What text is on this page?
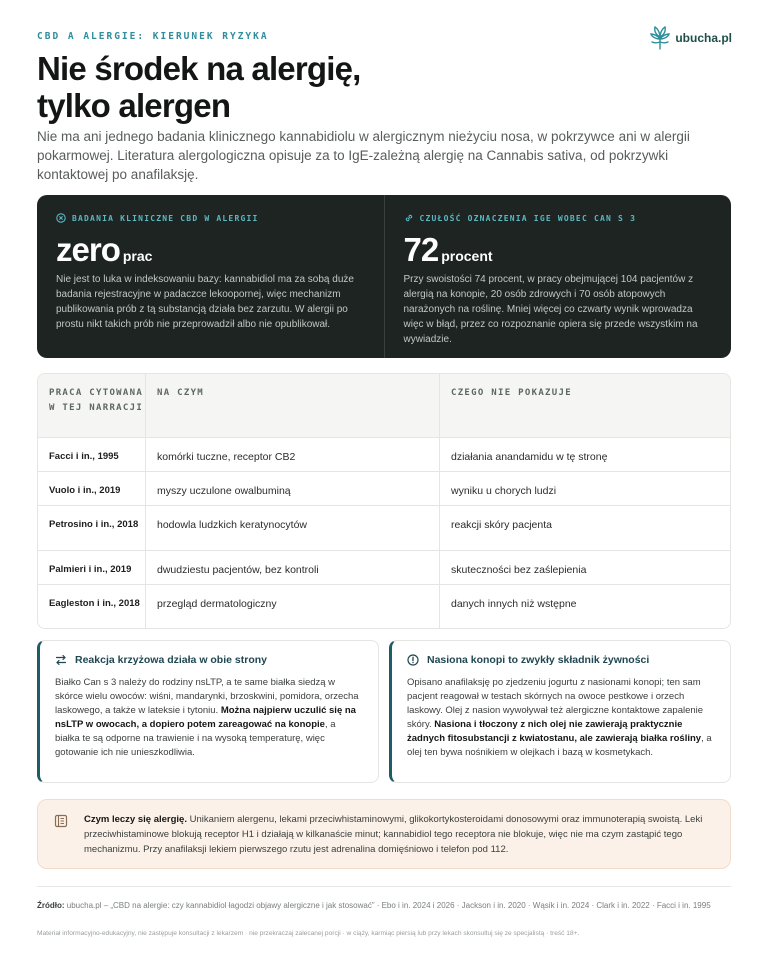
CBD A ALERGIE: KIERUNEK RYZYKA	ubucha.pl
Nie środek na alergię,
tylko alergen

Nie ma ani jednego badania klinicznego kannabidiolu w alergicznym nieżyciu nosa, w pokrzywce ani w alergii pokarmowej. Literatura alergologiczna opisuje za to IgE-zależną alergię na Cannabis sativa, od pokrzywki kontaktowej po anafilaksję.

BADANIA KLINICZNE CBD W ALERGII
zero prac

Nie jest to luka w indeksowaniu bazy: kannabidiol ma za sobą duże badania rejestracyjne w padaczce lekoopornej, więc mechanizm publikowania prób z tą substancją działa bez zarzutu. W alergii po prostu nikt takich prób nie przeprowadził albo nie opublikował.

CZUŁOŚĆ OZNACZENIA IGE WOBEC CAN S 3
72 procent

Przy swoistości 74 procent, w pracy obejmującej 104 pacjentów z alergią na konopie, 20 osób zdrowych i 70 osób atopowych narażonych na roślinę. Mniej więcej co czwarty wynik wprowadza więc w błąd, przez co rozpoznanie opiera się przede wszystkim na wywiadzie.

PRACA CYTOWANA W TEJ NARRACJI
NA CZYM	CZEGO NIE POKAZUJE
Facci i in., 1995	komórki tuczne, receptor CB2	działania anandamidu w tę stronę
Vuolo i in., 2019	myszy uczulone owalbuminą	wyniku u chorych ludzi
Petrosino i in., 2018	hodowla ludzkich keratynocytów	reakcji skóry pacjenta
Palmieri i in., 2019	dwudziestu pacjentów, bez kontroli	skuteczności bez zaślepienia
Eagleston i in., 2018	przegląd dermatologiczny	danych innych niż wstępne
Reakcja krzyżowa działa w obie strony

Białko Can s 3 należy do rodziny nsLTP, a te same białka siedzą w skórce wielu owoców: wiśni, mandarynki, brzoskwini, pomidora, orzecha laskowego, a także w lateksie i tytoniu. Można najpierw uczulić się na nsLTP w owocach, a dopiero potem zareagować na konopie, a białka te są odporne na trawienie i na wysoką temperaturę, więc gotowanie ich nie unieszkodliwia.

Nasiona konopi to zwykły składnik żywności

Opisano anafilaksję po zjedzeniu jogurtu z nasionami konopi; ten sam pacjent reagował w testach skórnych na owoce pestkowe i orzech laskowy. Olej z nasion wywoływał też alergiczne kontaktowe zapalenie skóry. Nasiona i tłoczony z nich olej nie zawierają praktycznie żadnych fitosubstancji z kwiatostanu, ale zawierają białka rośliny, a olej ten bywa nośnikiem w olejkach i bazą w kosmetykach.

Czym leczy się alergię. Unikaniem alergenu, lekami przeciwhistaminowymi, glikokortykosteroidami donosowymi oraz immunoterapią swoistą. Leki przeciwhistaminowe blokują receptor H1 i działają w kilkanaście minut; kannabidiol tego receptora nie blokuje, więc nie ma czym zastąpić tego mechanizmu. Przy anafilaksji lekiem pierwszego rzutu jest adrenalina domięśniowo i telefon pod 112.

Źródło: ubucha.pl – „CBD na alergie: czy kannabidiol łagodzi objawy alergiczne i jak stosować” · Ebo i in. 2024 i 2026 · Jackson i in. 2020 · Wąsik i in. 2024 · Clark i in. 2022 · Facci i in. 1995

Materiał informacyjno-edukacyjny, nie zastępuje konsultacji z lekarzem · nie przekraczaj zalecanej porcji · w ciąży, karmiąc piersią lub przy lekach skonsultuj się ze specjalistą · treść 18+.
